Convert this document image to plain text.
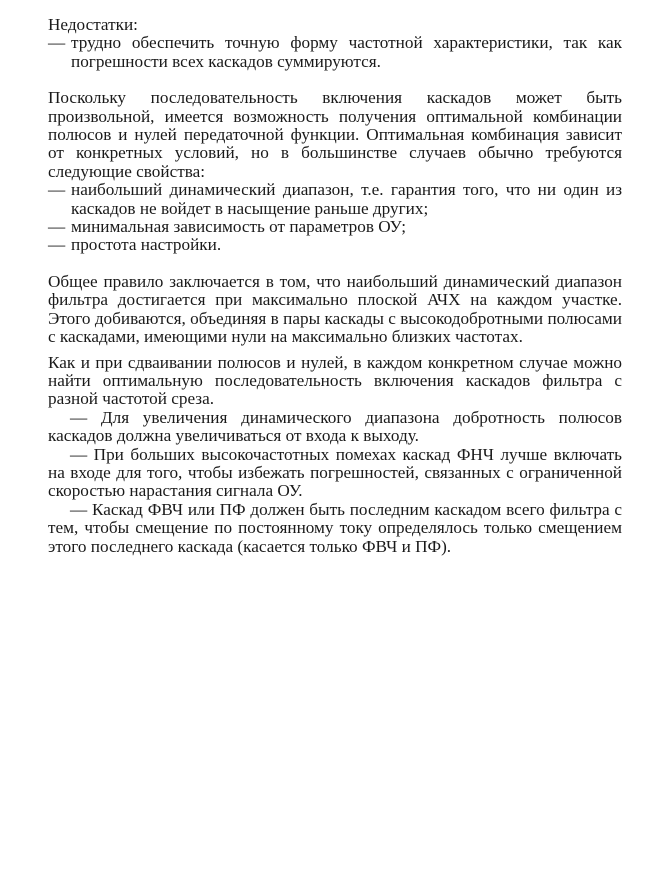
Недостатки:

— трудно обеспечить точную форму частотной характеристики, так как погрешности всех каскадов суммируются.

Поскольку последовательность включения каскадов может быть произвольной, имеется возможность получения оптимальной комбинации полюсов и нулей передаточной функции. Оптимальная комбинация зависит от конкретных условий, но в большинстве случаев обычно требуются следующие свойства:

— наибольший динамический диапазон, т.е. гарантия того, что ни один из каскадов не войдет в насыщение раньше других;

— минимальная зависимость от параметров ОУ;

— простота настройки.

Общее правило заключается в том, что наибольший динамический диапазон фильтра достигается при максимально плоской АЧХ на каждом участке. Этого добиваются, объединяя в пары каскады с высокодобротными полюсами с каскадами, имеющими нули на максимально близких частотах.

Как и при сдваивании полюсов и нулей, в каждом конкретном случае можно найти оптимальную последовательность включения каскадов фильтра с разной частотой среза.

— Для увеличения динамического диапазона добротность полюсов каскадов должна увеличиваться от входа к выходу.

— При больших высокочастотных помехах каскад ФНЧ лучше включать на входе для того, чтобы избежать погрешностей, связанных с ограниченной скоростью нарастания сигнала ОУ.

— Каскад ФВЧ или ПФ должен быть последним каскадом всего фильтра с тем, чтобы смещение по постоянному току определялось только смещением этого последнего каскада (касается только ФВЧ и ПФ).
